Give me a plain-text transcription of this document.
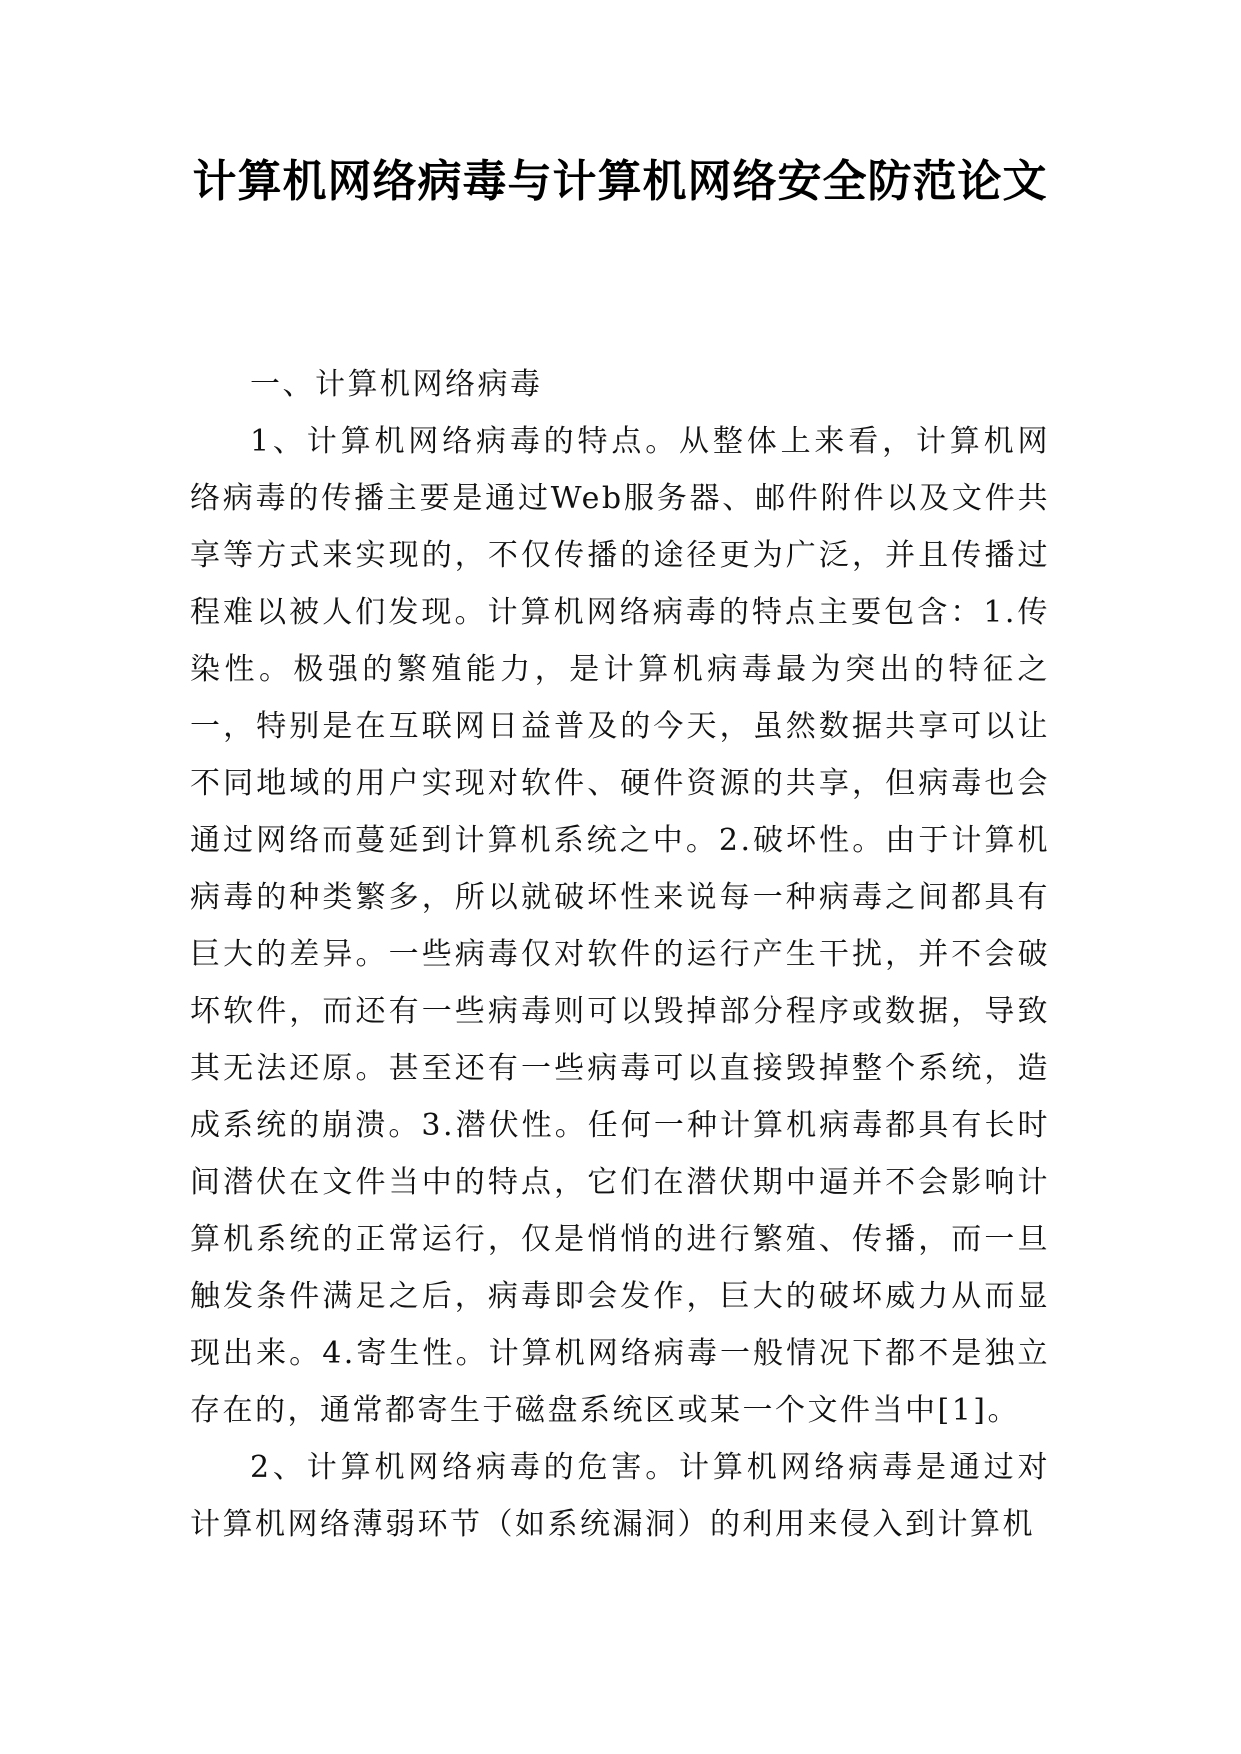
计算机网络病毒与计算机网络安全防范论文

一、计算机网络病毒

1、计算机网络病毒的特点。从整体上来看，计算机网络病毒的传播主要是通过Web服务器、邮件附件以及文件共享等方式来实现的，不仅传播的途径更为广泛，并且传播过程难以被人们发现。计算机网络病毒的特点主要包含：1.传染性。极强的繁殖能力，是计算机病毒最为突出的特征之一，特别是在互联网日益普及的今天，虽然数据共享可以让不同地域的用户实现对软件、硬件资源的共享，但病毒也会通过网络而蔓延到计算机系统之中。2.破坏性。由于计算机病毒的种类繁多，所以就破坏性来说每一种病毒之间都具有巨大的差异。一些病毒仅对软件的运行产生干扰，并不会破坏软件，而还有一些病毒则可以毁掉部分程序或数据，导致其无法还原。甚至还有一些病毒可以直接毁掉整个系统，造成系统的崩溃。3.潜伏性。任何一种计算机病毒都具有长时间潜伏在文件当中的特点，它们在潜伏期中逼并不会影响计算机系统的正常运行，仅是悄悄的进行繁殖、传播，而一旦触发条件满足之后，病毒即会发作，巨大的破坏威力从而显现出来。4.寄生性。计算机网络病毒一般情况下都不是独立存在的，通常都寄生于磁盘系统区或某一个文件当中[1]。

2、计算机网络病毒的危害。计算机网络病毒是通过对计算机网络薄弱环节（如系统漏洞）的利用来侵入到计算机
